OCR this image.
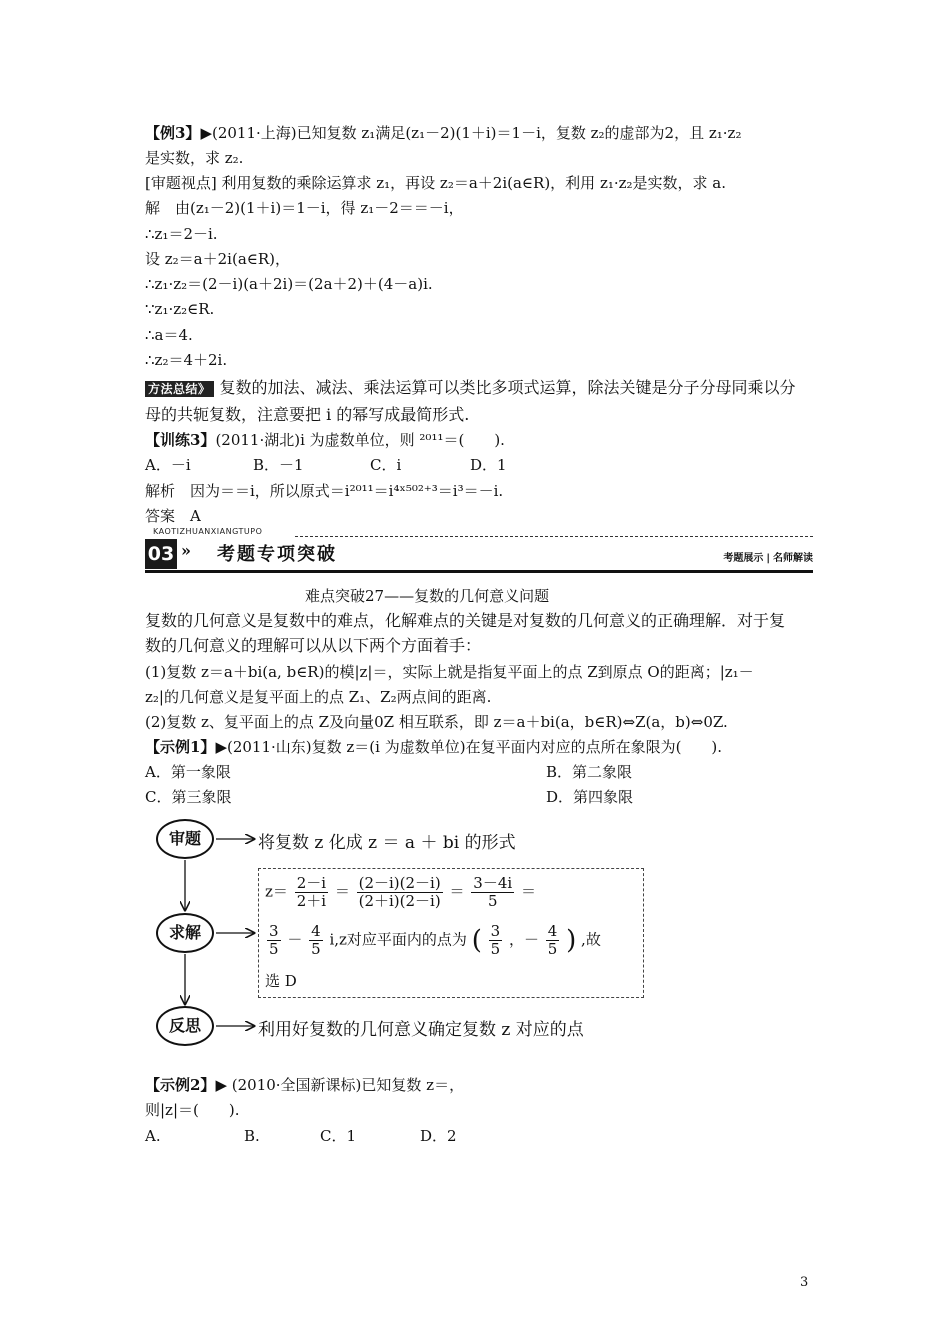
【例3】▶(2011·上海)已知复数 z₁满足(z₁－2)(1＋i)＝1－i，复数 z₂的虚部为2，且 z₁·z₂
是实数，求 z₂.
[审题视点] 利用复数的乘除运算求 z₁，再设 z₂＝a＋2i(a∈R)，利用 z₁·z₂是实数，求 a.
解　由(z₁－2)(1＋i)＝1－i，得 z₁－2＝＝－i，
∴z₁＝2－i.
设 z₂＝a＋2i(a∈R)，
∴z₁·z₂＝(2－i)(a＋2i)＝(2a＋2)＋(4－a)i.
∵z₁·z₂∈R.
∴a＝4.
∴z₂＝4＋2i.
方法总结》 复数的加法、减法、乘法运算可以类比多项式运算，除法关键是分子分母同乘以分
母的共轭复数，注意要把 i 的幂写成最简形式.
【训练3】(2011·湖北)i 为虚数单位，则 ²⁰¹¹＝(　　).
A．－i	B．－1	C．i	D．1
解析　因为＝＝i，所以原式＝i²⁰¹¹＝i⁴ˣ⁵⁰²⁺³＝i³＝－i.
答案　A
KAOTIZHUANXIANGTUPO
03 » 考题专项突破	考题展示 | 名师解读
难点突破27——复数的几何意义问题
复数的几何意义是复数中的难点，化解难点的关键是对复数的几何意义的正确理解．对于复
数的几何意义的理解可以从以下两个方面着手：
(1)复数 z＝a＋bi(a, b∈R)的模|z|＝，实际上就是指复平面上的点 Z到原点 O的距离；|z₁－
z₂|的几何意义是复平面上的点 Z₁、Z₂两点间的距离.
(2)复数 z、复平面上的点 Z及向量0Z 相互联系，即 z＝a＋bi(a，b∈R)⇔Z(a，b)⇔0Z.
【示例1】▶(2011·山东)复数 z＝(i 为虚数单位)在复平面内对应的点所在象限为(　　).
A．第一象限	B．第二象限
C．第三象限	D．第四象限
审题
求解
反思
将复数 z 化成 z ＝ a ＋ bi 的形式
$z= \frac{2-i}{2+i} = \frac{(2-i)(2-i)}{(2+i)(2-i)} = \frac{3-4i}{5}$ ＝
$\frac{3}{5} - \frac{4}{5} i,z$对应平面内的点为 ( $\frac{3}{5}$ ，－ $\frac{4}{5}$ ) ,故
选 D
利用好复数的几何意义确定复数 z 对应的点
【示例2】▶ (2010·全国新课标)已知复数 z＝，
则|z|＝(　　).
A.	B.	C．1	D．2
3
